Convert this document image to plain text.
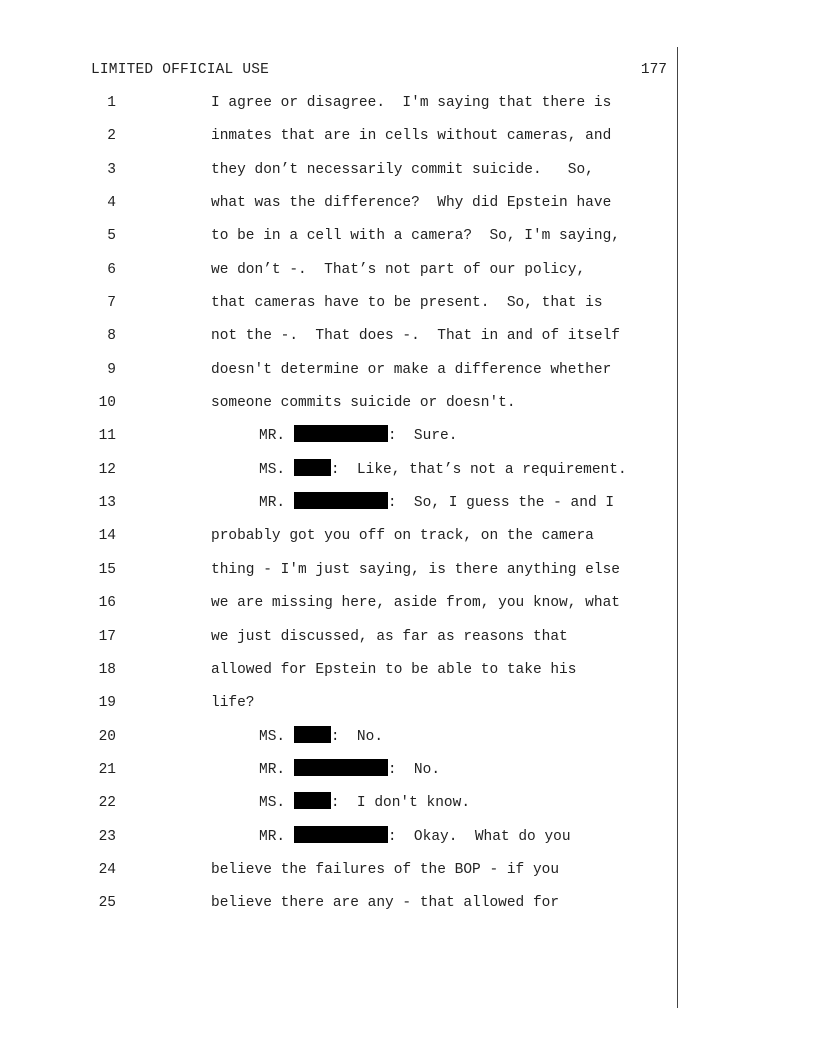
LIMITED OFFICIAL USE	177
1	I agree or disagree.  I'm saying that there is
2	inmates that are in cells without cameras, and
3	they don’t necessarily commit suicide.   So,
4	what was the difference?  Why did Epstein have
5	to be in a cell with a camera?  So, I'm saying,
6	we don’t -.  That’s not part of our policy,
7	that cameras have to be present.  So, that is
8	not the -.  That does -.  That in and of itself
9	doesn't determine or make a difference whether
10	someone commits suicide or doesn't.
11	MR.	:  Sure.
12	MS.	:  Like, that’s not a requirement.
13	MR.	:  So, I guess the - and I
14	probably got you off on track, on the camera
15	thing - I'm just saying, is there anything else
16	we are missing here, aside from, you know, what
17	we just discussed, as far as reasons that
18	allowed for Epstein to be able to take his
19	life?
20	MS.	:  No.
21	MR.	:  No.
22	MS.	:  I don't know.
23	MR.	:  Okay.  What do you
24	believe the failures of the BOP - if you
25	believe there are any - that allowed for
